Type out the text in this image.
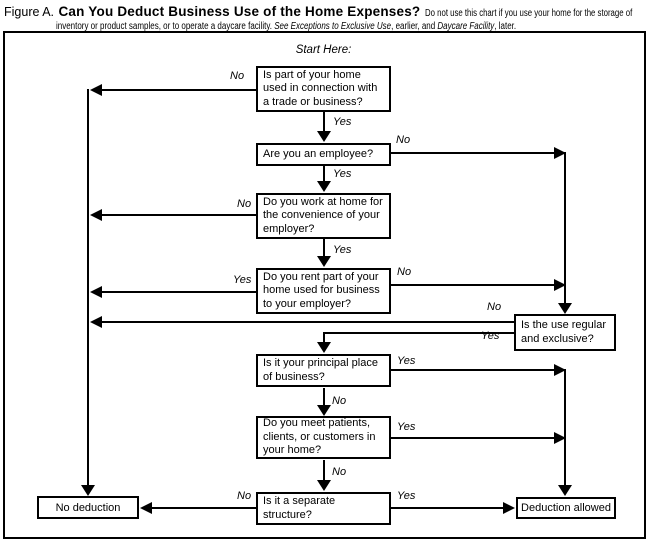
Figure A. Can You Deduct Business Use of the Home Expenses? Do not use this chart if you use your home for the storage of
inventory or product samples, or to operate a daycare facility. See Exceptions to Exclusive Use, earlier, and Daycare Facility, later.
Start Here:
Is part of your home used in connection with a trade or business?
Are you an employee?
Do you work at home for the convenience of your employer?
Do you rent part of your home used for business to your employer?
Is the use regular and exclusive?
Is it your principal place of business?
Do you meet patients, clients, or customers in your home?
Is it a separate structure?
No deduction	Deduction allowed
No
Yes
No
Yes
No
Yes
Yes
No
No
Yes
Yes
No
Yes
No
No	Yes
